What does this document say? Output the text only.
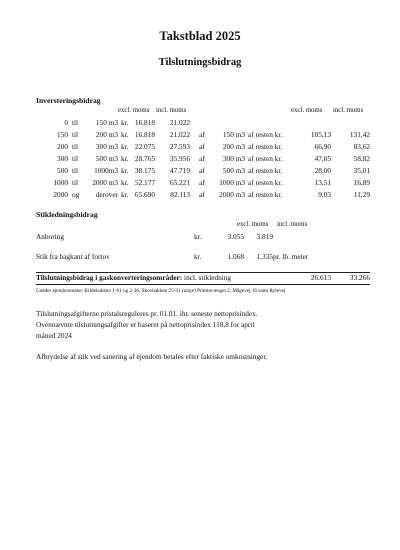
Takstblad 2025
Tilslutningsbidrag
Inversteringsbidrag
excl. moms incl. moms	excl. moms incl. moms
0 til	150 m3 kr. 16.818	21.022
150 til	200 m3 kr. 16.818	21.022 af	150 m3 af resten kr.	105,13	131,42
200 til	300 m3 kr. 22.075	27.593 af	200 m3 af resten kr.	66,90	83,62
300 til	500 m3 kr. 28.765	35.956 af	300 m3 af resten kr.	47,05	58,82
500 til	1000m3 kr. 38.175	47.719 af	500 m3 af resten kr.	28,00	35,01
1000 til	2000 m3 kr. 52.177	65.221 af	1000 m3 af resten kr.	13,51	16,89
2000 og	derover kr. 65.690	82.113 af	2000 m3 af resten kr.	9,03	11,29
Stikledningsbidrag
excl. moms incl. moms
Anboring	kr.	3.055	3.819
Stik fra bagkant af fortov	kr.	1.068	1.335 pr. lb. meter
Tilslutningsbidrag i gaskonverteringsområder: incl. stikledning	26.613	33.266
Gælder ejendommene: Kildebakken 1-61 og 2-36, Skovbakken 25-31 (ulige) Præstevænget 2, Mågevej 16 samt Rylevej
Tilslutningsafgifterne pristalsreguleres pr. 01.01. iht. seneste nettoprisindex.
Ovennævnte tilslutningsafgifter er baseret på nettoprisindex 118,8 for april
måned 2024
Afbrydelse af stik ved sanering af ejendom betales efter faktiske omkostninger.
